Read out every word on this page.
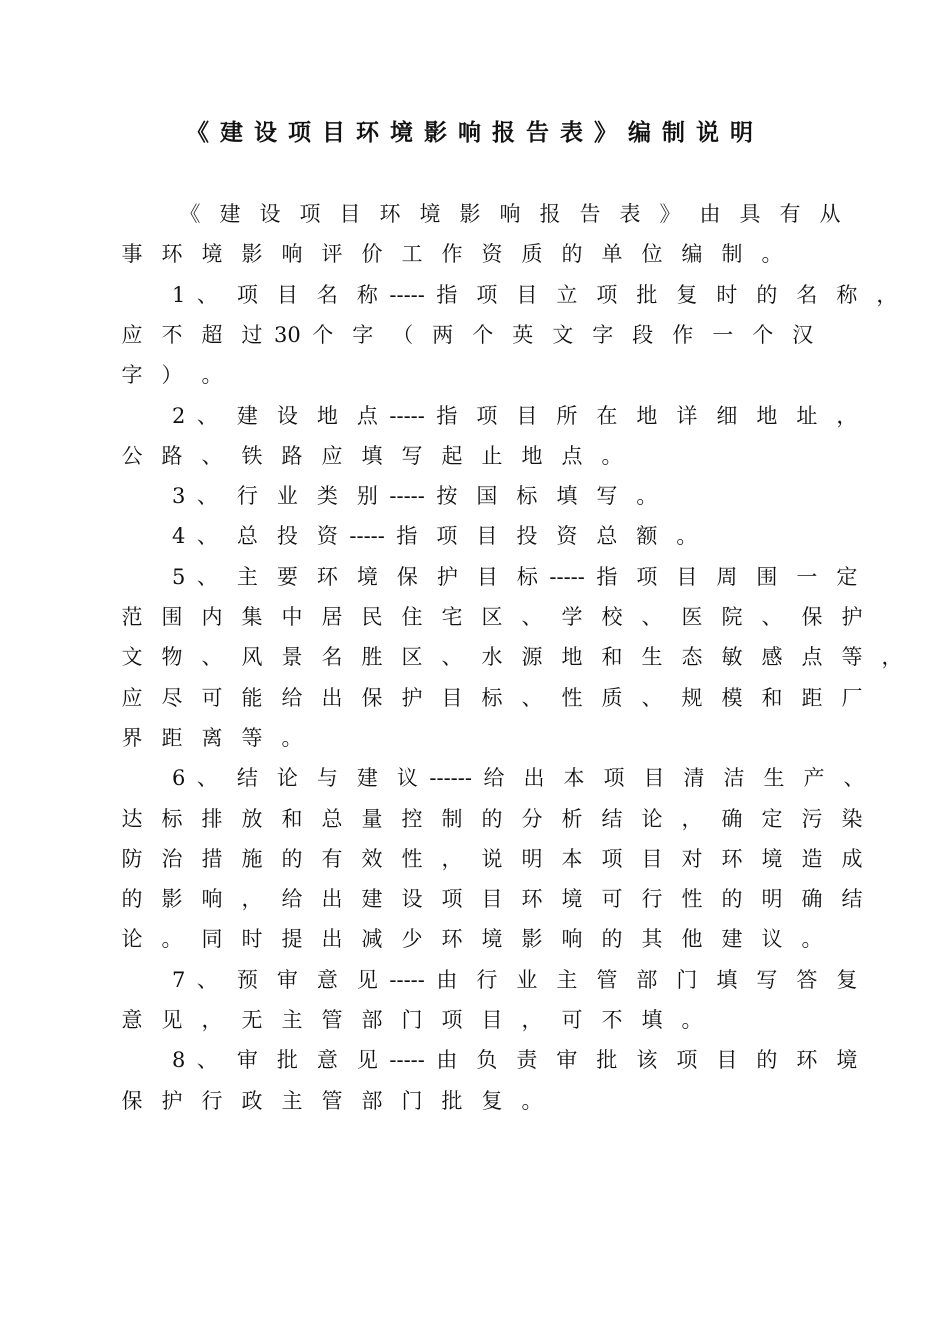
《建设项目环境影响报告表》编制说明
《 建 设 项 目 环 境 影 响 报 告 表 》 由 具 有 从
事 环 境 影 响 评 价 工 作 资 质 的 单 位 编 制 。
1 、 项 目 名 称 ----- 指 项 目 立 项 批 复 时 的 名 称 ，
应 不 超 过 30 个 字 （ 两 个 英 文 字 段 作 一 个 汉
字 ） 。
2 、 建 设 地 点 ----- 指 项 目 所 在 地 详 细 地 址 ，
公 路 、 铁 路 应 填 写 起 止 地 点 。
3 、 行 业 类 别 ----- 按 国 标 填 写 。
4 、 总 投 资 ----- 指 项 目 投 资 总 额 。
5 、 主 要 环 境 保 护 目 标 ----- 指 项 目 周 围 一 定
范 围 内 集 中 居 民 住 宅 区 、 学 校 、 医 院 、 保 护
文 物 、 风 景 名 胜 区 、 水 源 地 和 生 态 敏 感 点 等 ，
应 尽 可 能 给 出 保 护 目 标 、 性 质 、 规 模 和 距 厂
界 距 离 等 。
6 、 结 论 与 建 议 ------ 给 出 本 项 目 清 洁 生 产 、
达 标 排 放 和 总 量 控 制 的 分 析 结 论 ， 确 定 污 染
防 治 措 施 的 有 效 性 ， 说 明 本 项 目 对 环 境 造 成
的 影 响 ， 给 出 建 设 项 目 环 境 可 行 性 的 明 确 结
论 。 同 时 提 出 减 少 环 境 影 响 的 其 他 建 议 。
7 、 预 审 意 见 ----- 由 行 业 主 管 部 门 填 写 答 复
意 见 ， 无 主 管 部 门 项 目 ， 可 不 填 。
8 、 审 批 意 见 ----- 由 负 责 审 批 该 项 目 的 环 境
保 护 行 政 主 管 部 门 批 复 。
